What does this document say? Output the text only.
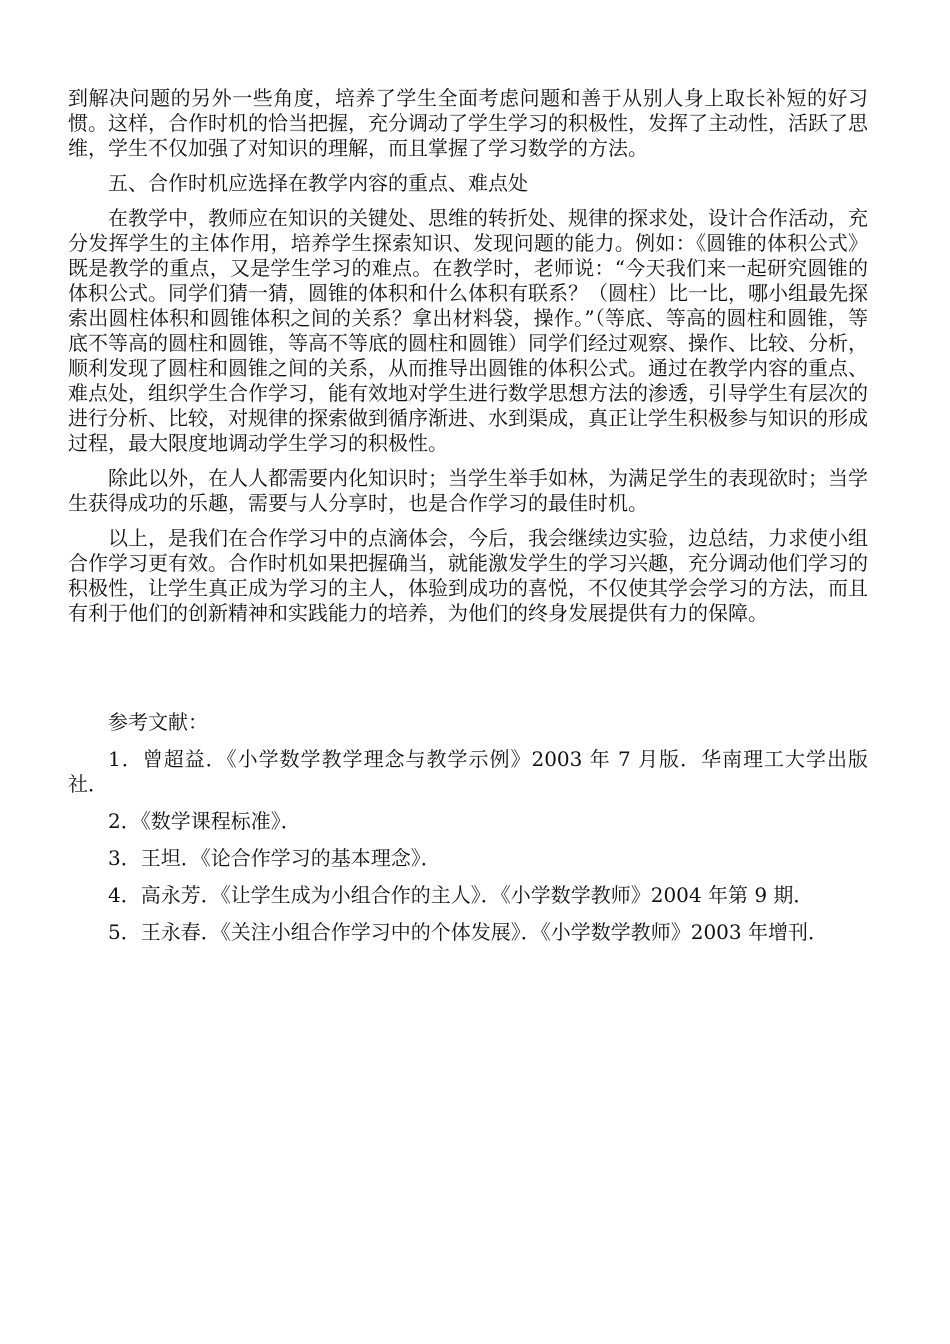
到解决问题的另外一些角度，培养了学生全面考虑问题和善于从别人身上取长补短的好习惯。这样，合作时机的恰当把握，充分调动了学生学习的积极性，发挥了主动性，活跃了思维，学生不仅加强了对知识的理解，而且掌握了学习数学的方法。

五、合作时机应选择在教学内容的重点、难点处

在教学中，教师应在知识的关键处、思维的转折处、规律的探求处，设计合作活动，充分发挥学生的主体作用，培养学生探索知识、发现问题的能力。例如：《圆锥的体积公式》既是教学的重点，又是学生学习的难点。在教学时，老师说：“今天我们来一起研究圆锥的体积公式。同学们猜一猜，圆锥的体积和什么体积有联系？（圆柱）比一比，哪小组最先探索出圆柱体积和圆锥体积之间的关系？拿出材料袋，操作。”（等底、等高的圆柱和圆锥，等底不等高的圆柱和圆锥，等高不等底的圆柱和圆锥）同学们经过观察、操作、比较、分析，顺利发现了圆柱和圆锥之间的关系，从而推导出圆锥的体积公式。通过在教学内容的重点、难点处，组织学生合作学习，能有效地对学生进行数学思想方法的渗透，引导学生有层次的进行分析、比较，对规律的探索做到循序渐进、水到渠成，真正让学生积极参与知识的形成过程，最大限度地调动学生学习的积极性。

除此以外，在人人都需要内化知识时；当学生举手如林，为满足学生的表现欲时；当学生获得成功的乐趣，需要与人分享时，也是合作学习的最佳时机。

以上，是我们在合作学习中的点滴体会，今后，我会继续边实验，边总结，力求使小组合作学习更有效。合作时机如果把握确当，就能激发学生的学习兴趣，充分调动他们学习的积极性，让学生真正成为学习的主人，体验到成功的喜悦，不仅使其学会学习的方法，而且有利于他们的创新精神和实践能力的培养，为他们的终身发展提供有力的保障。

参考文献：

1．曾超益．《小学数学教学理念与教学示例》2003 年 7 月版．华南理工大学出版社．

2．《数学课程标准》．

3．王坦．《论合作学习的基本理念》．

4．高永芳．《让学生成为小组合作的主人》．《小学数学教师》2004 年第 9 期．

5．王永春．《关注小组合作学习中的个体发展》．《小学数学教师》2003 年增刊．
